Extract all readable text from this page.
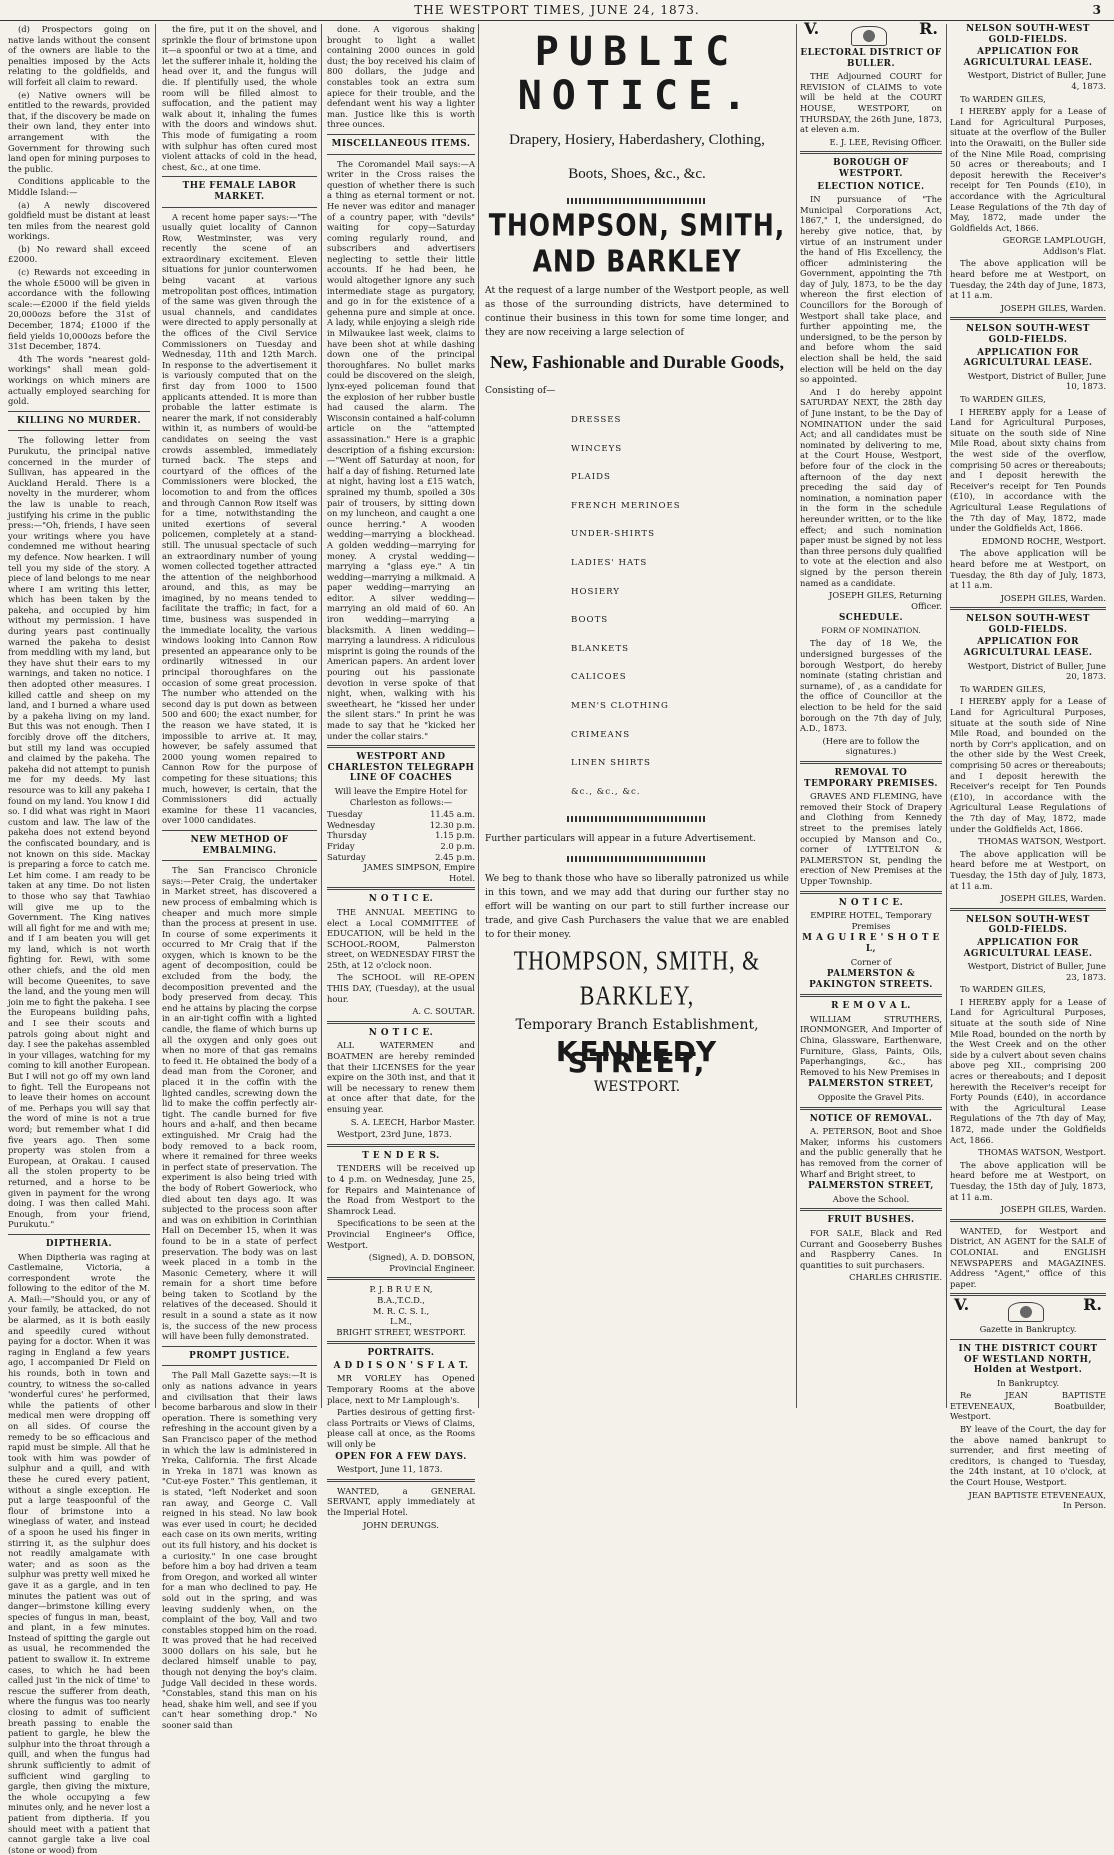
THE WESTPORT TIMES, JUNE 24, 1873.	3

(d) Prospectors going on native lands without the consent of the owners are liable to the penalties imposed by the Acts relating to the goldfields, and will forfeit all claim to reward.

(e) Native owners will be entitled to the rewards, provided that, if the discovery be made on their own land, they enter into arrangement with the Government for throwing such land open for mining purposes to the public.

Conditions applicable to the Middle Island:—

(a) A newly discovered goldfield must be distant at least ten miles from the nearest gold workings.

(b) No reward shall exceed £2000.

(c) Rewards not exceeding in the whole £5000 will be given in accordance with the following scale:—£2000 if the field yields 20,000ozs before the 31st of December, 1874; £1000 if the field yields 10,000ozs before the 31st December, 1874.

4th The words "nearest gold-workings" shall mean gold-workings on which miners are actually employed searching for gold.

KILLING NO MURDER.

The following letter from Purukutu, the principal native concerned in the murder of Sullivan, has appeared in the Auckland Herald. There is a novelty in the murderer, whom the law is unable to reach, justifying his crime in the public press:—"Oh, friends, I have seen your writings where you have condemned me without hearing my defence. Now hearken. I will tell you my side of the story. A piece of land belongs to me near where I am writing this letter, which has been taken by the pakeha, and occupied by him without my permission. I have during years past continually warned the pakeha to desist from meddling with my land, but they have shut their ears to my warnings, and taken no notice. I then adopted other measures. I killed cattle and sheep on my land, and I burned a whare used by a pakeha living on my land. But this was not enough. Then I forcibly drove off the ditchers, but still my land was occupied and claimed by the pakeha. The pakeha did not attempt to punish me for my deeds. My last resource was to kill any pakeha I found on my land. You know I did so. I did what was right in Maori custom and law. The law of the pakeha does not extend beyond the confiscated boundary, and is not known on this side. Mackay is preparing a force to catch me. Let him come. I am ready to be taken at any time. Do not listen to those who say that Tawhiao will give me up to the Government. The King natives will all fight for me and with me; and if I am beaten you will get my land, which is not worth fighting for. Rewi, with some other chiefs, and the old men will become Queenites, to save the land, and the young men will join me to fight the pakeha. I see the Europeans building pahs, and I see their scouts and patrols going about night and day. I see the pakehas assembled in your villages, watching for my coming to kill another European. But I will not go off my own land to fight. Tell the Europeans not to leave their homes on account of me. Perhaps you will say that the word of mine is not a true word; but remember what I did five years ago. Then some property was stolen from a European, at Orakau. I caused all the stolen property to be returned, and a horse to be given in payment for the wrong doing. I was then called Mahi. Enough, from your friend, Purukutu."

DIPTHERIA.

When Diptheria was raging at Castlemaine, Victoria, a correspondent wrote the following to the editor of the M. A. Mail:—"Should you, or any of your family, be attacked, do not be alarmed, as it is both easily and speedily cured without paying for a doctor. When it was raging in England a few years ago, I accompanied Dr Field on his rounds, both in town and country, to witness the so-called 'wonderful cures' he performed, while the patients of other medical men were dropping off on all sides. Of course the remedy to be so efficacious and rapid must be simple. All that he took with him was powder of sulphur and a quill, and with these he cured every patient, without a single exception. He put a large teaspoonful of the flour of brimstone into a wineglass of water, and instead of a spoon he used his finger in stirring it, as the sulphur does not readily amalgamate with water; and as soon as the sulphur was pretty well mixed he gave it as a gargle, and in ten minutes the patient was out of danger—brimstone killing every species of fungus in man, beast, and plant, in a few minutes. Instead of spitting the gargle out as usual, he recommended the patient to swallow it. In extreme cases, to which he had been called just 'in the nick of time' to rescue the sufferer from death, where the fungus was too nearly closing to admit of sufficient breath passing to enable the patient to gargle, he blew the sulphur into the throat through a quill, and when the fungus had shrunk sufficiently to admit of sufficient wind gargling to gargle, then giving the mixture, the whole occupying a few minutes only, and he never lost a patient from diptheria. If you should meet with a patient that cannot gargle take a live coal (stone or wood) from

the fire, put it on the shovel, and sprinkle the flour of brimstone upon it—a spoonful or two at a time, and let the sufferer inhale it, holding the head over it, and the fungus will die. If plentifully used, the whole room will be filled almost to suffocation, and the patient may walk about it, inhaling the fumes with the doors and windows shut. This mode of fumigating a room with sulphur has often cured most violent attacks of cold in the head, chest, &c., at one time.

THE FEMALE LABOR MARKET.

A recent home paper says:—"The usually quiet locality of Cannon Row, Westminster, was very recently the scene of an extraordinary excitement. Eleven situations for junior counterwomen being vacant at various metropolitan post offices, intimation of the same was given through the usual channels, and candidates were directed to apply personally at the offices of the Civil Service Commissioners on Tuesday and Wednesday, 11th and 12th March. In response to the advertisement it is variously computed that on the first day from 1000 to 1500 applicants attended. It is more than probable the latter estimate is nearer the mark, if not considerably within it, as numbers of would-be candidates on seeing the vast crowds assembled, immediately turned back. The steps and courtyard of the offices of the Commissioners were blocked, the locomotion to and from the offices and through Cannon Row itself was for a time, notwithstanding the united exertions of several policemen, completely at a stand-still. The unusual spectacle of such an extraordinary number of young women collected together attracted the attention of the neighborhood around, and this, as may be imagined, by no means tended to facilitate the traffic; in fact, for a time, business was suspended in the immediate locality, the various windows looking into Cannon Row presented an appearance only to be ordinarily witnessed in our principal thoroughfares on the occasion of some great procession. The number who attended on the second day is put down as between 500 and 600; the exact number, for the reason we have stated, it is impossible to arrive at. It may, however, be safely assumed that 2000 young women repaired to Cannon Row for the purpose of competing for these situations; this much, however, is certain, that the Commissioners did actually examine for these 11 vacancies, over 1000 candidates.

NEW METHOD OF EMBALMING.

The San Francisco Chronicle says:—Peter Craig, the undertaker in Market street, has discovered a new process of embalming which is cheaper and much more simple than the process at present in use. In course of some experiments it occurred to Mr Craig that if the oxygen, which is known to be the agent of decomposition, could be excluded from the body, the decomposition prevented and the body preserved from decay. This end he attains by placing the corpse in an air-tight coffin with a lighted candle, the flame of which burns up all the oxygen and only goes out when no more of that gas remains to feed it. He obtained the body of a dead man from the Coroner, and placed it in the coffin with the lighted candles, screwing down the lid to make the coffin perfectly air-tight. The candle burned for five hours and a-half, and then became extinguished. Mr Craig had the body removed to a back room, where it remained for three weeks in perfect state of preservation. The experiment is also being tried with the body of Robert Goweriock, who died about ten days ago. It was subjected to the process soon after and was on exhibition in Corinthian Hall on December 15, when it was found to be in a state of perfect preservation. The body was on last week placed in a tomb in the Masonic Cemetery, where it will remain for a short time before being taken to Scotland by the relatives of the deceased. Should it result in a sound a state as it now is, the success of the new process will have been fully demonstrated.

PROMPT JUSTICE.

The Pall Mall Gazette says:—It is only as nations advance in years and civilisation that their laws become barbarous and slow in their operation. There is something very refreshing in the account given by a San Francisco paper of the method in which the law is administered in Yreka, California. The first Alcade in Yreka in 1871 was known as "Cut-eye Foster." This gentleman, it is stated, "left Noderket and soon ran away, and George C. Vall reigned in his stead. No law book was ever used in court; he decided each case on its own merits, writing out its full history, and his docket is a curiosity." In one case brought before him a boy had driven a team from Oregon, and worked all winter for a man who declined to pay. He sold out in the spring, and was leaving suddenly when, on the complaint of the boy, Vall and two constables stopped him on the road. It was proved that he had received 3000 dollars on his sale, but he declared himself unable to pay, though not denying the boy's claim. Judge Vall decided in these words. "Constables, stand this man on his head, shake him well, and see if you can't hear something drop." No sooner said than

done. A vigorous shaking brought to light a wallet containing 2000 ounces in gold dust; the boy received his claim of 800 dollars, the judge and constables took an extra sum apiece for their trouble, and the defendant went his way a lighter man. Justice like this is worth three ounces.

MISCELLANEOUS ITEMS.

The Coromandel Mail says:—A writer in the Cross raises the question of whether there is such a thing as eternal torment or not. He never was editor and manager of a country paper, with "devils" waiting for copy—Saturday coming regularly round, and subscribers and advertisers neglecting to settle their little accounts. If he had been, he would altogether ignore any such intermediate stage as purgatory, and go in for the existence of a gehenna pure and simple at once. A lady, while enjoying a sleigh ride in Milwaukee last week, claims to have been shot at while dashing down one of the principal thoroughfares. No bullet marks could be discovered on the sleigh, lynx-eyed policeman found that the explosion of her rubber bustle had caused the alarm. The Wisconsin contained a half-column article on the "attempted assassination." Here is a graphic description of a fishing excursion:—"Went off Saturday at noon, for half a day of fishing. Returned late at night, having lost a £15 watch, sprained my thumb, spoiled a 30s pair of trousers, by sitting down on my luncheon, and caught a one ounce herring." A wooden wedding—marrying a blockhead. A golden wedding—marrying for money. A crystal wedding—marrying a "glass eye." A tin wedding—marrying a milkmaid. A paper wedding—marrying an editor. A silver wedding—marrying an old maid of 60. An iron wedding—marrying a blacksmith. A linen wedding—marrying a laundress. A ridiculous misprint is going the rounds of the American papers. An ardent lover pouring out his passionate devotion in verse spoke of that night, when, walking with his sweetheart, he "kissed her under the silent stars." In print he was made to say that he "kicked her under the collar stairs."

WESTPORT AND CHARLESTON TELEGRAPH LINE OF COACHES

Will leave the Empire Hotel for Charleston as follows:—

Tuesday	11.45 a.m.
Wednesday	12.30 p.m.
Thursday	1.15 p.m.
Friday	2.0 p.m.
Saturday	2.45 p.m.

JAMES SIMPSON, Empire Hotel.

N O T I C E.

THE ANNUAL MEETING to elect a Local COMMITTEE of EDUCATION, will be held in the SCHOOL-ROOM, Palmerston street, on WEDNESDAY FIRST the 25th, at 12 o'clock noon.

The SCHOOL will RE-OPEN THIS DAY, (Tuesday), at the usual hour.

A. C. SOUTAR.

N O T I C E.

ALL WATERMEN and BOATMEN are hereby reminded that their LICENSES for the year expire on the 30th inst, and that it will be necessary to renew them at once after that date, for the ensuing year.

S. A. LEECH, Harbor Master.

Westport, 23rd June, 1873.

T E N D E R S.

TENDERS will be received up to 4 p.m. on Wednesday, June 25, for Repairs and Maintenance of the Road from Westport to the Shamrock Lead.

Specifications to be seen at the Provincial Engineer's Office, Westport.

(Signed), A. D. DOBSON, Provincial Engineer.

P. J. B R U E N,
B.A.,T.C.D.,
M. R. C. S. I.,
L.M.,
BRIGHT STREET, WESTPORT.

PORTRAITS.

A D D I S O N ' S F L A T.

MR VORLEY has Opened Temporary Rooms at the above place, next to Mr Lamplough's.

Parties desirous of getting first-class Portraits or Views of Claims, please call at once, as the Rooms will only be

OPEN FOR A FEW DAYS.

Westport, June 11, 1873.

WANTED, a GENERAL SERVANT, apply immediately at the Imperial Hotel.

JOHN DERUNGS.

PUBLIC NOTICE.
Drapery, Hosiery, Haberdashery, Clothing,
Boots, Shoes, &c., &c.
THOMPSON, SMITH, AND BARKLEY

At the request of a large number of the Westport people, as well as those of the surrounding districts, have determined to continue their business in this town for some time longer, and they are now receiving a large selection of

New, Fashionable and Durable Goods,

Consisting of—

DRESSES
WINCEYS
PLAIDS
FRENCH MERINOES
UNDER-SHIRTS
LADIES' HATS
HOSIERY
BOOTS
BLANKETS
CALICOES
MEN'S CLOTHING
CRIMEANS
LINEN SHIRTS
&c., &c., &c.

Further particulars will appear in a future Advertisement.

We beg to thank those who have so liberally patronized us while in this town, and we may add that during our further stay no effort will be wanting on our part to still further increase our trade, and give Cash Purchasers the value that we are enabled to for their money.

THOMPSON, SMITH, & BARKLEY,
Temporary Branch Establishment,
KENNEDY STREET,
WESTPORT.
V.	R.

ELECTORAL DISTRICT OF BULLER.

THE Adjourned COURT for REVISION of CLAIMS to vote will be held at the COURT HOUSE, WESTPORT, on THURSDAY, the 26th June, 1873, at eleven a.m.

E. J. LEE, Revising Officer.

BOROUGH OF WESTPORT.

ELECTION NOTICE.

IN pursuance of "The Municipal Corporations Act, 1867," I, the undersigned, do hereby give notice, that, by virtue of an instrument under the hand of His Excellency, the officer administering the Government, appointing the 7th day of July, 1873, to be the day whereon the first election of Councillors for the Borough of Westport shall take place, and further appointing me, the undersigned, to be the person by and before whom the said election shall be held, the said election will be held on the day so appointed.

And I do hereby appoint SATURDAY NEXT, the 28th day of June instant, to be the Day of NOMINATION under the said Act; and all candidates must be nominated by delivering to me, at the Court House, Westport, before four of the clock in the afternoon of the day next preceding the said day of nomination, a nomination paper in the form in the schedule hereunder written, or to the like effect; and such nomination paper must be signed by not less than three persons duly qualified to vote at the election and also signed by the person therein named as a candidate.

JOSEPH GILES, Returning Officer.

SCHEDULE.

FORM OF NOMINATION.

The day of 18 We, the undersigned burgesses of the borough Westport, do hereby nominate (stating christian and surname), of , as a candidate for the office of Councillor at the election to be held for the said borough on the 7th day of July, A.D., 1873.

(Here are to follow the signatures.)

REMOVAL TO TEMPORARY PREMISES.

GRAVES AND FLEMING, have removed their Stock of Drapery and Clothing from Kennedy street to the premises lately occupied by Manson and Co., corner of LYTTELTON & PALMERSTON St, pending the erection of New Premises at the Upper Township.

N O T I C E.

EMPIRE HOTEL, Temporary Premises

M A G U I R E ' S H O T E L,

Corner of

PALMERSTON & PAKINGTON STREETS.

R E M O V A L.

WILLIAM STRUTHERS, IRONMONGER, And Importer of China, Glassware, Earthenware, Furniture, Glass, Paints, Oils, Paperhangings, &c., has Removed to his New Premises in

PALMERSTON STREET,

Opposite the Gravel Pits.

NOTICE OF REMOVAL.

A. PETERSON, Boot and Shoe Maker, informs his customers and the public generally that he has removed from the corner of Wharf and Bright street, to

PALMERSTON STREET,

Above the School.

FRUIT BUSHES.

FOR SALE, Black and Red Currant and Gooseberry Bushes and Raspberry Canes. In quantities to suit purchasers.

CHARLES CHRISTIE.

NELSON SOUTH-WEST GOLD-FIELDS.

APPLICATION FOR AGRICULTURAL LEASE.

Westport, District of Buller, June 4, 1873.

To WARDEN GILES,

I HEREBY apply for a Lease of Land for Agricultural Purposes, situate at the overflow of the Buller into the Orawaiti, on the Buller side of the Nine Mile Road, comprising 50 acres or thereabouts; and I deposit herewith the Receiver's receipt for Ten Pounds (£10), in accordance with the Agricultural Lease Regulations of the 7th day of May, 1872, made under the Goldfields Act, 1866.

GEORGE LAMPLOUGH, Addison's Flat.

The above application will be heard before me at Westport, on Tuesday, the 24th day of June, 1873, at 11 a.m.

JOSEPH GILES, Warden.

NELSON SOUTH-WEST GOLD-FIELDS.

APPLICATION FOR AGRICULTURAL LEASE.

Westport, District of Buller, June 10, 1873.

To WARDEN GILES,

I HEREBY apply for a Lease of Land for Agricultural Purposes, situate on the south side of Nine Mile Road, about sixty chains from the west side of the overflow, comprising 50 acres or thereabouts; and I deposit herewith the Receiver's receipt for Ten Pounds (£10), in accordance with the Agricultural Lease Regulations of the 7th day of May, 1872, made under the Goldfields Act, 1866.

EDMOND ROCHE, Westport.

The above application will be heard before me at Westport, on Tuesday, the 8th day of July, 1873, at 11 a.m.

JOSEPH GILES, Warden.

NELSON SOUTH-WEST GOLD-FIELDS.

APPLICATION FOR AGRICULTURAL LEASE.

Westport, District of Buller, June 20, 1873.

To WARDEN GILES,

I HEREBY apply for a Lease of Land for Agricultural Purposes, situate at the south side of Nine Mile Road, and bounded on the north by Corr's application, and on the other side by the West Creek, comprising 50 acres or thereabouts; and I deposit herewith the Receiver's receipt for Ten Pounds (£10), in accordance with the Agricultural Lease Regulations of the 7th day of May, 1872, made under the Goldfields Act, 1866.

THOMAS WATSON, Westport.

The above application will be heard before me at Westport, on Tuesday, the 15th day of July, 1873, at 11 a.m.

JOSEPH GILES, Warden.

NELSON SOUTH-WEST GOLD-FIELDS.

APPLICATION FOR AGRICULTURAL LEASE.

Westport, District of Buller, June 23, 1873.

To WARDEN GILES,

I HEREBY apply for a Lease of Land for Agricultural Purposes, situate at the south side of Nine Mile Road, bounded on the north by the West Creek and on the other side by a culvert about seven chains above peg XII., comprising 200 acres or thereabouts; and I deposit herewith the Receiver's receipt for Forty Pounds (£40), in accordance with the Agricultural Lease Regulations of the 7th day of May, 1872, made under the Goldfields Act, 1866.

THOMAS WATSON, Westport.

The above application will be heard before me at Westport, on Tuesday, the 15th day of July, 1873, at 11 a.m.

JOSEPH GILES, Warden.

WANTED, for Westport and District, AN AGENT for the SALE of COLONIAL and ENGLISH NEWSPAPERS and MAGAZINES. Address "Agent," office of this paper.

V.	R.

Gazette in Bankruptcy.

IN THE DISTRICT COURT OF WESTLAND NORTH, Holden at Westport.

In Bankruptcy.

Re JEAN BAPTISTE ETEVENEAUX, Boatbuilder, Westport.

BY leave of the Court, the day for the above named bankrupt to surrender, and first meeting of creditors, is changed to Tuesday, the 24th instant, at 10 o'clock, at the Court House, Westport.

JEAN BAPTISTE ETEVENEAUX, In Person.
